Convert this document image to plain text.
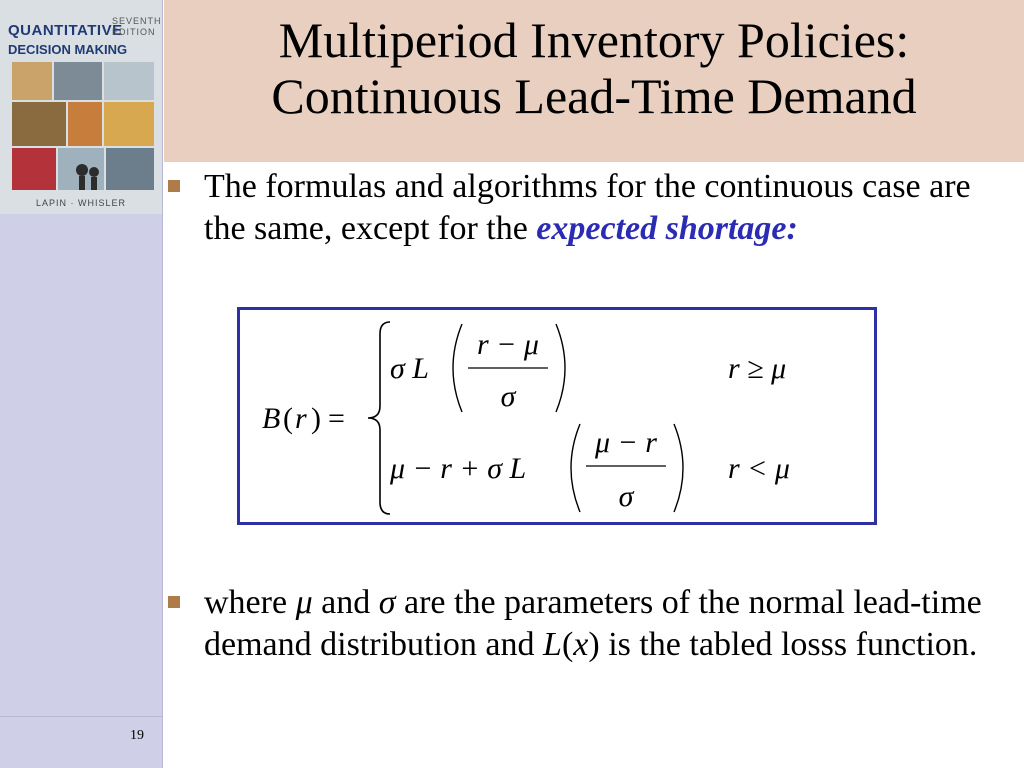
QUANTITATIVE
DECISION MAKING
SEVENTH
EDITION
LAPIN · WHISLER
Multiperiod Inventory Policies:
Continuous Lead-Time Demand
The formulas and algorithms for the continuous case are the same, except for the expected shortage:
B ( r ) =
σ L
r − μ
σ
r ≥ μ
μ − r + σ L
μ − r
σ
r < μ
where μ and σ are the parameters of the normal lead-time demand distribution and L(x) is the tabled losss function.
19
